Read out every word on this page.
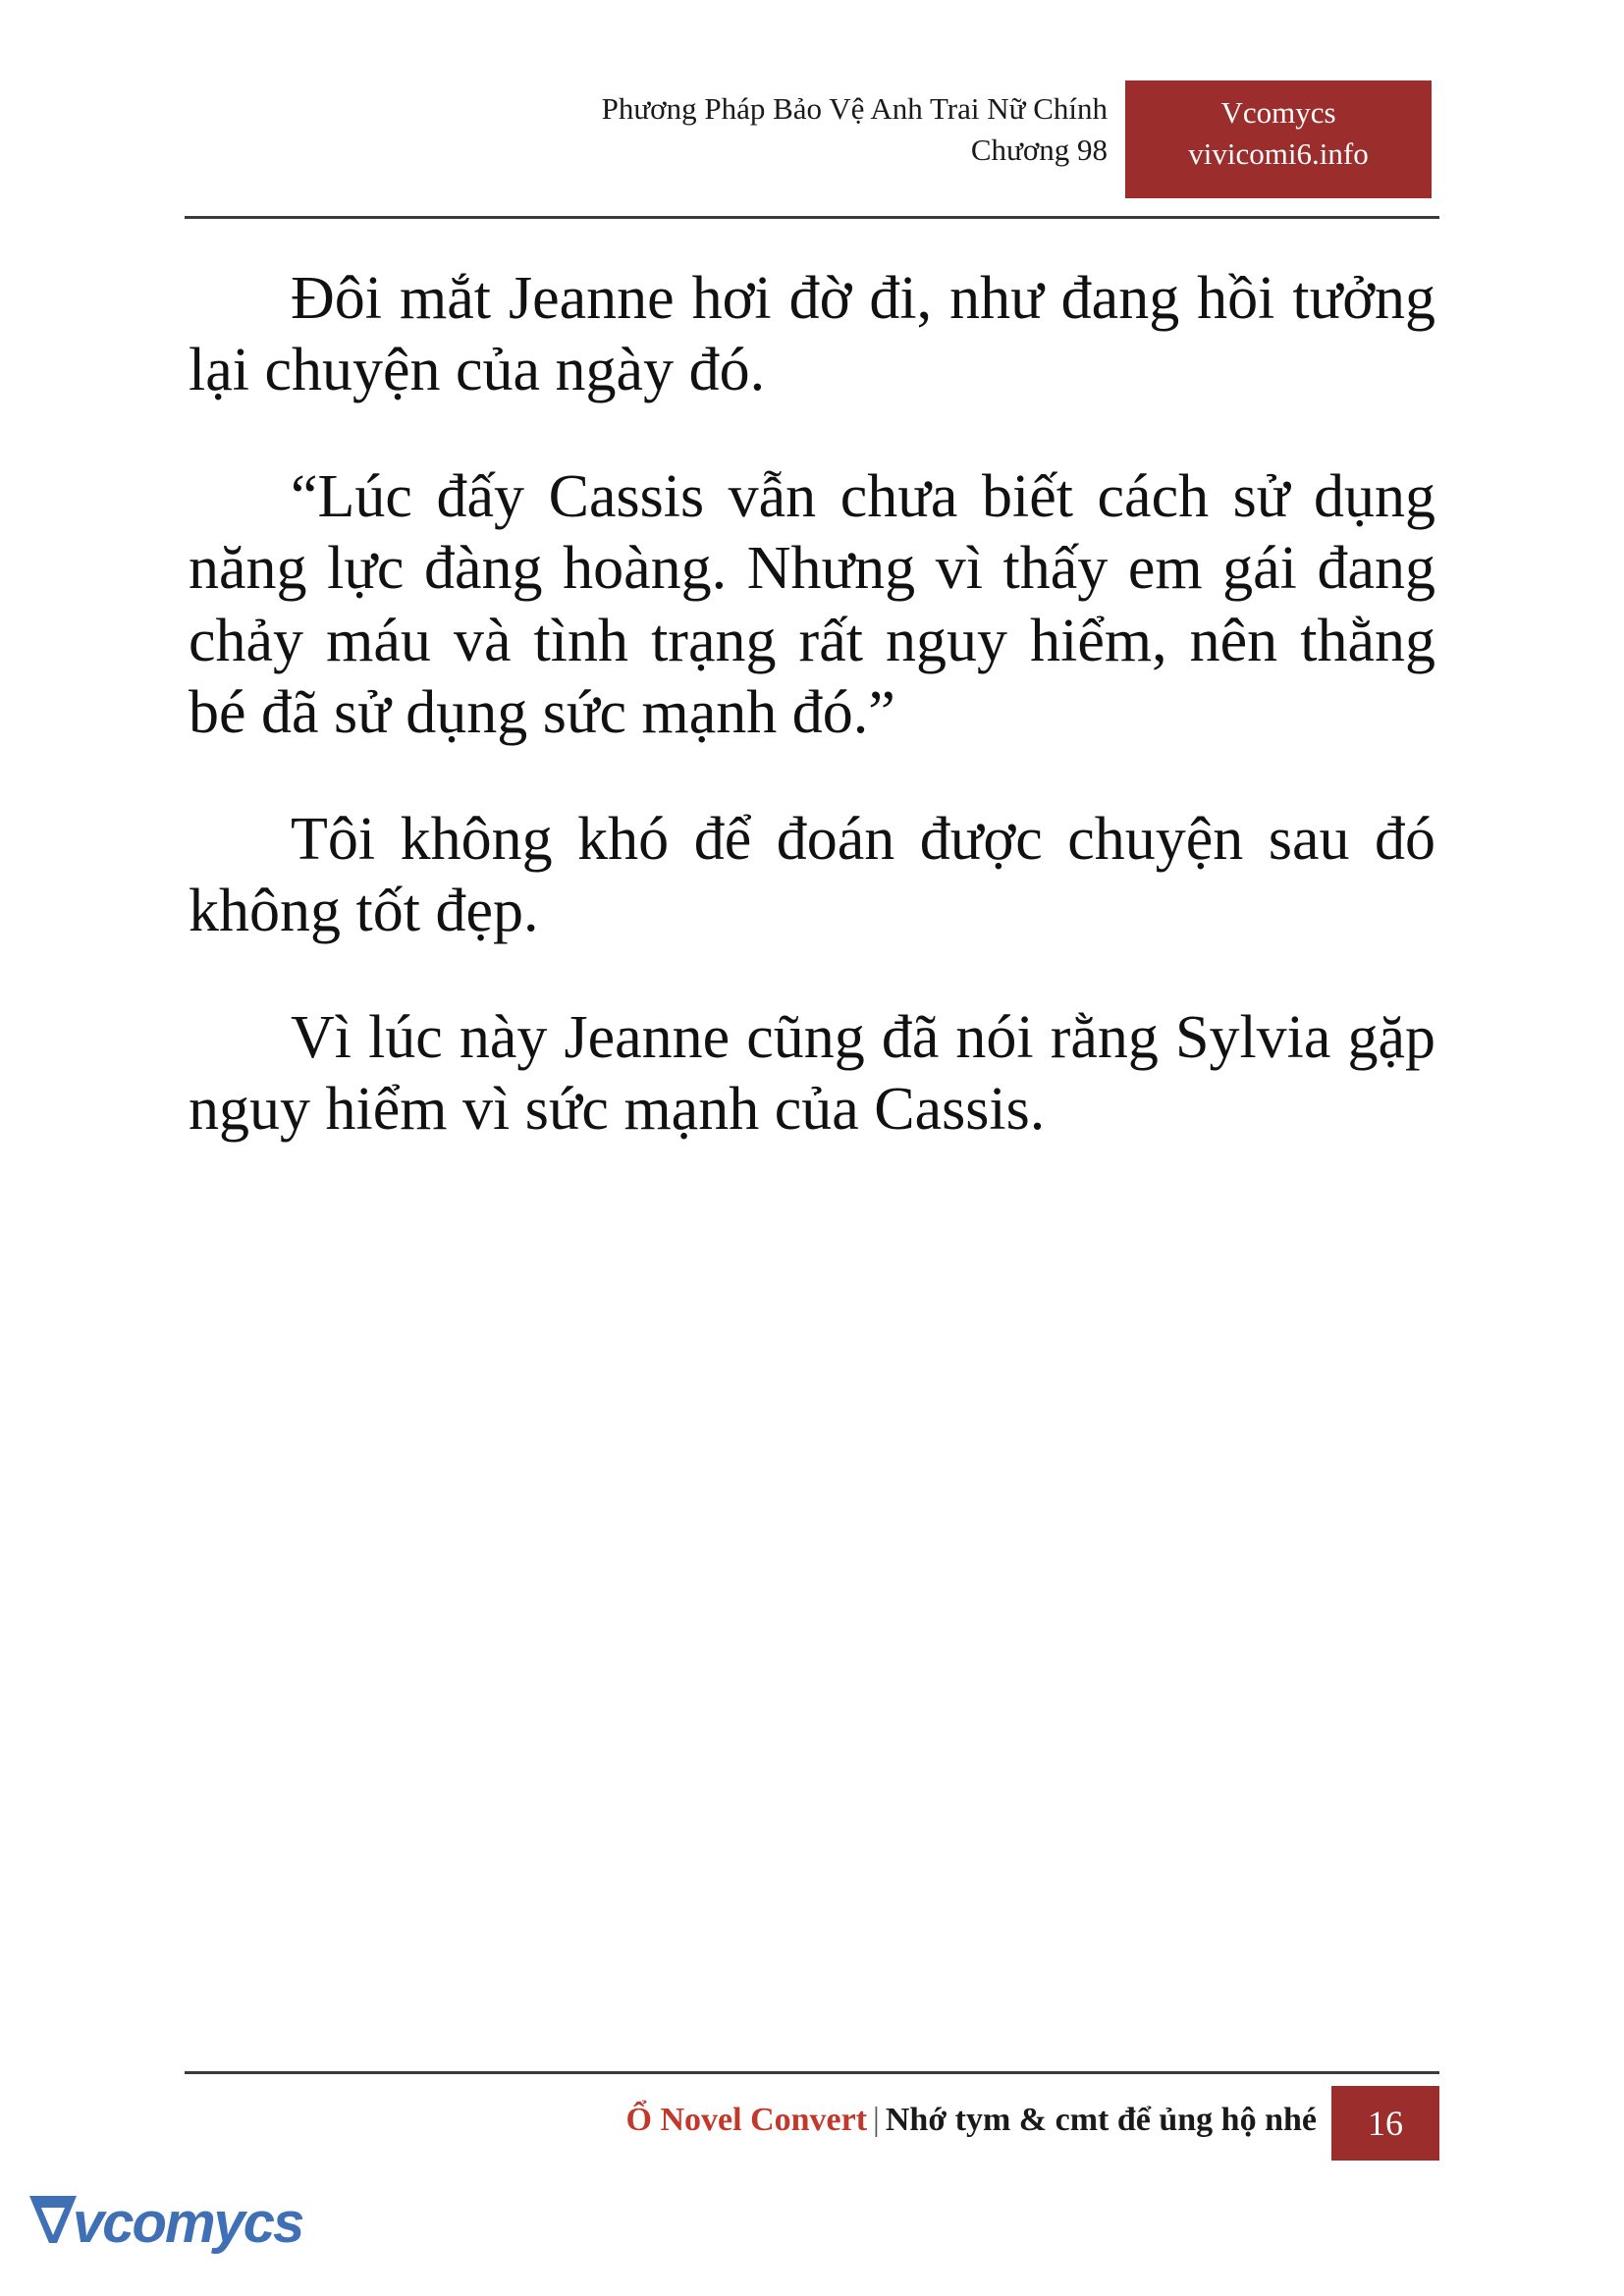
Phương Pháp Bảo Vệ Anh Trai Nữ Chính
Chương 98
Vcomycs
vivicomi6.info

Đôi mắt Jeanne hơi đờ đi, như đang hồi tưởng lại chuyện của ngày đó.

“Lúc đấy Cassis vẫn chưa biết cách sử dụng năng lực đàng hoàng. Nhưng vì thấy em gái đang chảy máu và tình trạng rất nguy hiểm, nên thằng bé đã sử dụng sức mạnh đó.”

Tôi không khó để đoán được chuyện sau đó không tốt đẹp.

Vì lúc này Jeanne cũng đã nói rằng Sylvia gặp nguy hiểm vì sức mạnh của Cassis.

Ổ Novel Convert | Nhớ tym & cmt để ủng hộ nhé	16
vcomycs
